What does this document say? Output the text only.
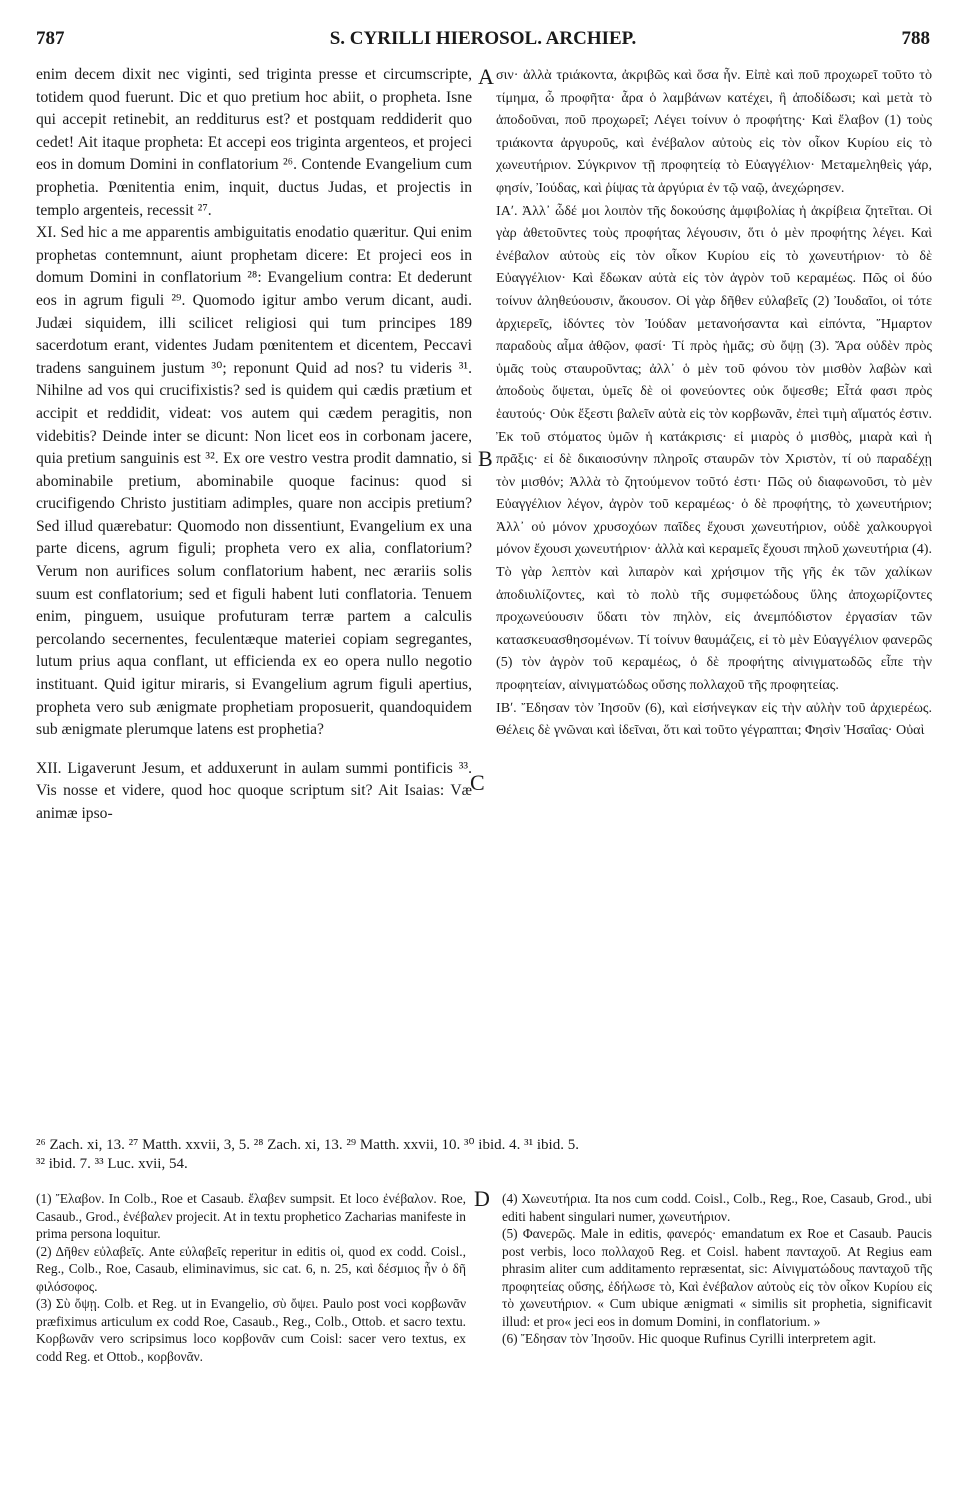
787	S. CYRILLI HIEROSOL. ARCHIEP.	788

enim decem dixit nec viginti, sed triginta presse et circumscripte, totidem quod fuerunt. Dic et quo pretium hoc abiit, o propheta. Isne qui accepit retinebit, an redditurus est? et postquam reddiderit quo cedet! Ait itaque propheta: Et accepi eos triginta argenteos, et projeci eos in domum Domini in conflatorium ²⁶. Contende Evangelium cum prophetia. Pœnitentia enim, inquit, ductus Judas, et projectis in templo argenteis, recessit ²⁷.

XI. Sed hic a me apparentis ambiguitatis enodatio quæritur. Qui enim prophetas contemnunt, aiunt prophetam dicere: Et projeci eos in domum Domini in conflatorium ²⁸: Evangelium contra: Et dederunt eos in agrum figuli ²⁹. Quomodo igitur ambo verum dicant, audi. Judæi siquidem, illi scilicet religiosi qui tum principes 189 sacerdotum erant, videntes Judam pœnitentem et dicentem, Peccavi tradens sanguinem justum ³⁰; reponunt Quid ad nos? tu videris ³¹. Nihilne ad vos qui crucifixistis? sed is quidem qui cædis prætium et accipit et reddidit, videat: vos autem qui cædem peragitis, non videbitis? Deinde inter se dicunt: Non licet eos in corbonam jacere, quia pretium sanguinis est ³². Ex ore vestro vestra prodit damnatio, si abominabile pretium, abominabile quoque facinus: quod si crucifigendo Christo justitiam adimples, quare non accipis pretium? Sed illud quærebatur: Quomodo non dissentiunt, Evangelium ex una parte dicens, agrum figuli; propheta vero ex alia, conflatorium? Verum non aurifices solum conflatorium habent, nec ærariis solis suum est conflatorium; sed et figuli habent luti conflatoria. Tenuem enim, pinguem, usuique profuturam terræ partem a calculis percolando secernentes, feculentæque materiei copiam segregantes, lutum prius aqua conflant, ut efficienda ex eo opera nullo negotio instituant. Quid igitur miraris, si Evangelium agrum figuli apertius, propheta vero sub ænigmate prophetiam proposuerit, quandoquidem sub ænigmate plerumque latens est prophetia?

XII. Ligaverunt Jesum, et adduxerunt in aulam summi pontificis ³³. Vis nosse et videre, quod hoc quoque scriptum sit? Ait Isaias: Væ animæ ipso-

A
B
C
D

σιν· ἀλλὰ τριάκοντα, ἀκριβῶς καὶ ὅσα ἦν. Εἰπὲ καὶ ποῦ προχωρεῖ τοῦτο τὸ τίμημα, ὦ προφῆτα· ἆρα ὁ λαμβάνων κατέχει, ἢ ἀποδίδωσι; καὶ μετὰ τὸ ἀποδοῦναι, ποῦ προχωρεῖ; Λέγει τοίνυν ὁ προφήτης· Καὶ ἔλαβον (1) τοὺς τριάκοντα ἀργυροῦς, καὶ ἐνέβαλον αὐτοὺς εἰς τὸν οἶκον Κυρίου εἰς τὸ χωνευτήριον. Σύγκρινον τῇ προφητείᾳ τὸ Εὐαγγέλιον· Μεταμεληθεὶς γάρ, φησίν, Ἰούδας, καὶ ῥίψας τὰ ἀργύρια ἐν τῷ ναῷ, ἀνεχώρησεν.

ΙΑʹ. Ἀλλ᾽ ὧδέ μοι λοιπὸν τῆς δοκούσης ἀμφιβολίας ἡ ἀκρίβεια ζητεῖται. Οἱ γὰρ ἀθετοῦντες τοὺς προφήτας λέγουσιν, ὅτι ὁ μὲν προφήτης λέγει. Καὶ ἐνέβαλον αὐτοὺς εἰς τὸν οἶκον Κυρίου εἰς τὸ χωνευτήριον· τὸ δὲ Εὐαγγέλιον· Καὶ ἔδωκαν αὐτὰ εἰς τὸν ἀγρὸν τοῦ κεραμέως. Πῶς οἱ δύο τοίνυν ἀληθεύουσιν, ἄκουσον. Οἱ γὰρ δῆθεν εὐλαβεῖς (2) Ἰουδαῖοι, οἱ τότε ἀρχιερεῖς, ἰδόντες τὸν Ἰούδαν μετανοήσαντα καὶ εἰπόντα, Ἥμαρτον παραδοὺς αἷμα ἀθῷον, φασί· Τί πρὸς ἡμᾶς; σὺ ὄψῃ (3). Ἄρα οὐδὲν πρὸς ὑμᾶς τοὺς σταυροῦντας; ἀλλ᾽ ὁ μὲν τοῦ φόνου τὸν μισθὸν λαβὼν καὶ ἀποδοὺς ὄψεται, ὑμεῖς δὲ οἱ φονεύοντες οὐκ ὄψεσθε; Εἶτά φασι πρὸς ἑαυτούς· Οὐκ ἔξεστι βαλεῖν αὐτὰ εἰς τὸν κορβωνᾶν, ἐπεὶ τιμὴ αἵματός ἐστιν. Ἐκ τοῦ στόματος ὑμῶν ἡ κατάκρισις· εἰ μιαρὸς ὁ μισθὸς, μιαρὰ καὶ ἡ πρᾶξις· εἰ δὲ δικαιοσύνην πληροῖς σταυρῶν τὸν Χριστὸν, τί οὐ παραδέχῃ τὸν μισθόν; Ἀλλὰ τὸ ζητούμενον τοῦτό ἐστι· Πῶς οὐ διαφωνοῦσι, τὸ μὲν Εὐαγγέλιον λέγον, ἀγρὸν τοῦ κεραμέως· ὁ δὲ προφήτης, τὸ χωνευτήριον; Ἀλλ᾽ οὐ μόνον χρυσοχόων παῖδες ἔχουσι χωνευτήριον, οὐδὲ χαλκουργοὶ μόνον ἔχουσι χωνευτήριον· ἀλλὰ καὶ κεραμεῖς ἔχουσι πηλοῦ χωνευτήρια (4). Τὸ γὰρ λεπτὸν καὶ λιπαρὸν καὶ χρήσιμον τῆς γῆς ἐκ τῶν χαλίκων ἀποδιυλίζοντες, καὶ τὸ πολὺ τῆς συμφετώδους ὕλης ἀποχωρίζοντες προχωνεύουσιν ὕδατι τὸν πηλὸν, εἰς ἀνεμπόδιστον ἐργασίαν τῶν κατασκευασθησομένων. Τί τοίνυν θαυμάζεις, εἰ τὸ μὲν Εὐαγγέλιον φανερῶς (5) τὸν ἀγρὸν τοῦ κεραμέως, ὁ δὲ προφήτης αἰνιγματωδῶς εἶπε τὴν προφητείαν, αἰνιγματώδως οὔσης πολλαχοῦ τῆς προφητείας.

ΙΒʹ. Ἔδησαν τὸν Ἰησοῦν (6), καὶ εἰσήνεγκαν εἰς τὴν αὐλὴν τοῦ ἀρχιερέως. Θέλεις δὲ γνῶναι καὶ ἰδεῖναι, ὅτι καὶ τοῦτο γέγραπται; Φησὶν Ἡσαΐας· Οὐαὶ

²⁶ Zach. xi, 13. ²⁷ Matth. xxvii, 3, 5. ²⁸ Zach. xi, 13. ²⁹ Matth. xxvii, 10. ³⁰ ibid. 4. ³¹ ibid. 5.
³² ibid. 7. ³³ Luc. xvii, 54.

(1) Ἔλαβον. In Colb., Roe et Casaub. ἔλαβεν sumpsit. Et loco ἐνέβαλον. Roe, Casaub., Grod., ἐνέβαλεν projecit. At in textu prophetico Zacharias manifeste in prima persona loquitur.

(2) Δῆθεν εὐλαβεῖς. Ante εὐλαβεῖς reperitur in editis οἱ, quod ex codd. Coisl., Reg., Colb., Roe, Casaub, eliminavimus, sic cat. 6, n. 25, καὶ δέσμιος ἦν ὁ δῆ φιλόσοφος.

(3) Σὺ ὄψῃ. Colb. et Reg. ut in Evangelio, σὺ ὄψει. Paulo post voci κορβωνᾶν præfiximus articulum ex codd Roe, Casaub., Reg., Colb., Ottob. et sacro textu. Κορβωνᾶν vero scripsimus loco κορβονᾶν cum Coisl: sacer vero textus, ex codd Reg. et Ottob., κορβονᾶν.

(4) Χωνευτήρια. Ita nos cum codd. Coisl., Colb., Reg., Roe, Casaub, Grod., ubi editi habent singulari numer, χωνευτήριον.

(5) Φανερῶς. Male in editis, φανερός· emandatum ex Roe et Casaub. Paucis post verbis, loco πολλαχοῦ Reg. et Coisl. habent πανταχοῦ. At Regius eam phrasim aliter cum additamento repræsentat, sic: Αἰνιγματώδους πανταχοῦ τῆς προφητείας οὔσης, ἐδήλωσε τὸ, Καὶ ἐνέβαλον αὐτοὺς εἰς τὸν οἶκον Κυρίου εἰς τὸ χωνευτήριον. « Cum ubique ænigmati « similis sit prophetia, significavit illud: et pro« jeci eos in domum Domini, in conflatorium. »

(6) Ἔδησαν τὸν Ἰησοῦν. Hic quoque Rufinus Cyrilli interpretem agit.
